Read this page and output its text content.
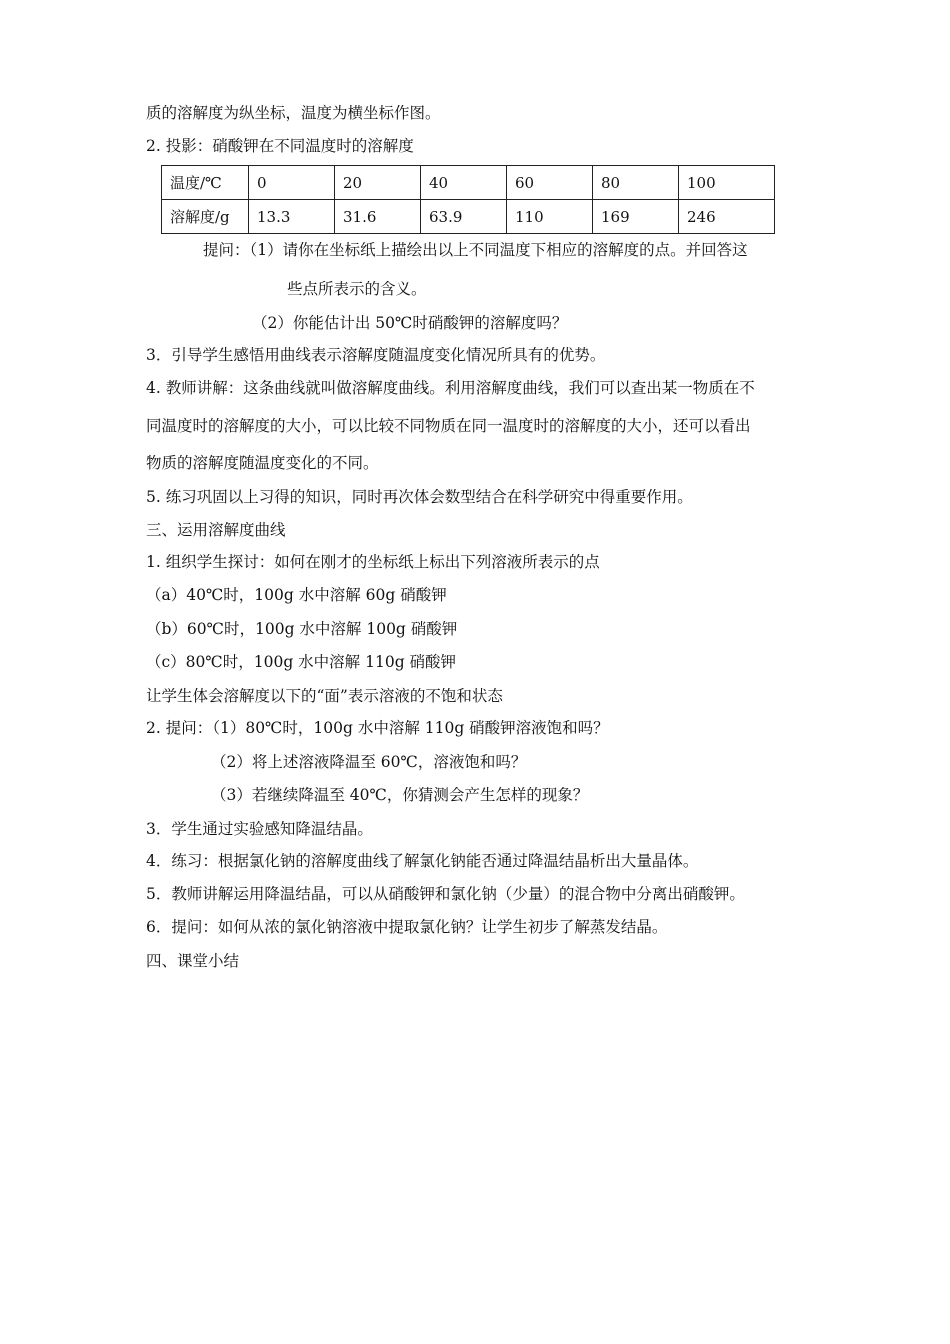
质的溶解度为纵坐标，温度为横坐标作图。
2. 投影：硝酸钾在不同温度时的溶解度
温度/℃	0	20	40	60	80	100
溶解度/g	13.3	31.6	63.9	110	169	246
提问：（1）请你在坐标纸上描绘出以上不同温度下相应的溶解度的点。并回答这
些点所表示的含义。
（2）你能估计出 50℃时硝酸钾的溶解度吗？
3．引导学生感悟用曲线表示溶解度随温度变化情况所具有的优势。
4. 教师讲解：这条曲线就叫做溶解度曲线。利用溶解度曲线，我们可以查出某一物质在不
同温度时的溶解度的大小，可以比较不同物质在同一温度时的溶解度的大小，还可以看出
物质的溶解度随温度变化的不同。
5. 练习巩固以上习得的知识，同时再次体会数型结合在科学研究中得重要作用。
三、运用溶解度曲线
1. 组织学生探讨：如何在刚才的坐标纸上标出下列溶液所表示的点
（a）40℃时，100g 水中溶解 60g 硝酸钾
（b）60℃时，100g 水中溶解 100g 硝酸钾
（c）80℃时，100g 水中溶解 110g 硝酸钾
让学生体会溶解度以下的“面”表示溶液的不饱和状态
2. 提问：（1）80℃时，100g 水中溶解 110g 硝酸钾溶液饱和吗？
（2）将上述溶液降温至 60℃，溶液饱和吗？
（3）若继续降温至 40℃，你猜测会产生怎样的现象？
3．学生通过实验感知降温结晶。
4．练习：根据氯化钠的溶解度曲线了解氯化钠能否通过降温结晶析出大量晶体。
5．教师讲解运用降温结晶，可以从硝酸钾和氯化钠（少量）的混合物中分离出硝酸钾。
6．提问：如何从浓的氯化钠溶液中提取氯化钠？让学生初步了解蒸发结晶。
四、课堂小结
